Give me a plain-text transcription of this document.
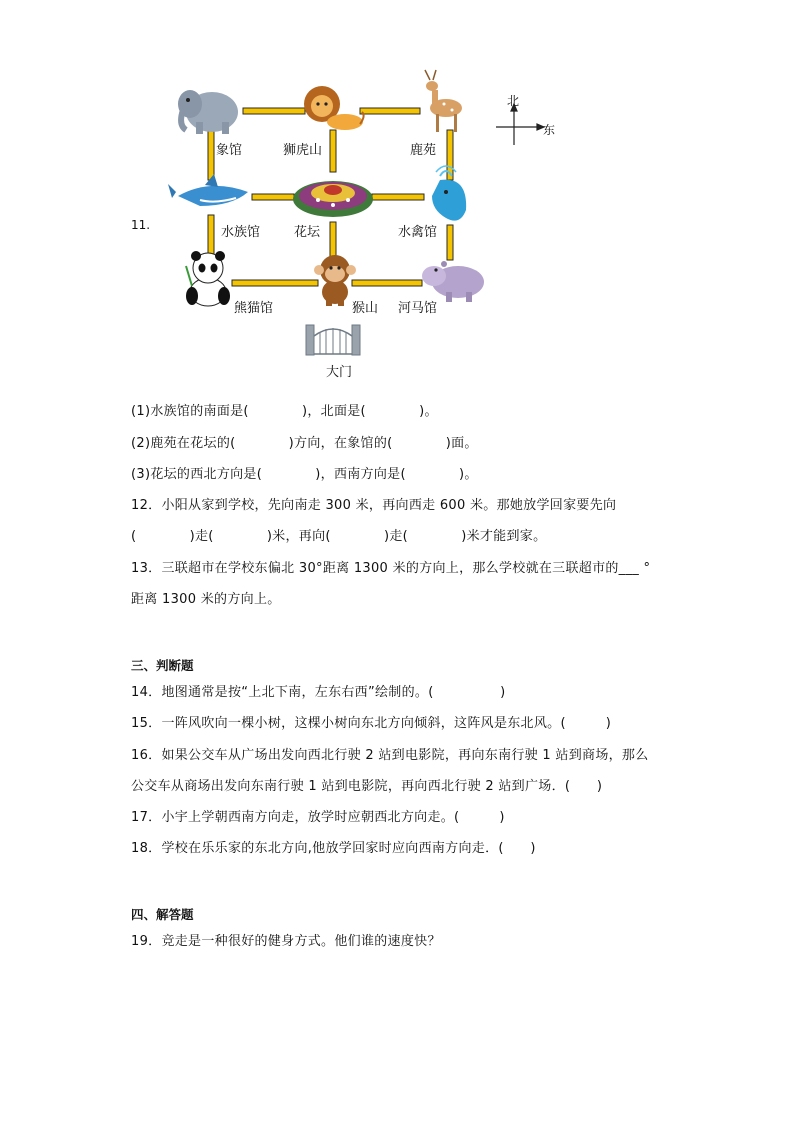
11.
象馆	狮虎山	鹿苑
北
东
水族馆	花坛	水禽馆
熊猫馆	猴山 河马馆
大门
(1)水族馆的南面是(　　　　)，北面是(　　　　)。
(2)鹿苑在花坛的(　　　　)方向，在象馆的(　　　　)面。
(3)花坛的西北方向是(　　　　)，西南方向是(　　　　)。
12．小阳从家到学校，先向南走 300 米，再向西走 600 米。那她放学回家要先向
(　　　　)走(　　　　)米，再向(　　　　)走(　　　　)米才能到家。
13．三联超市在学校东偏北 30°距离 1300 米的方向上，那么学校就在三联超市的___ °
距离 1300 米的方向上。
三、判断题
14．地图通常是按“上北下南，左东右西”绘制的。(　　　　　)
15．一阵风吹向一棵小树，这棵小树向东北方向倾斜，这阵风是东北风。(　　　)
16．如果公交车从广场出发向西北行驶 2 站到电影院，再向东南行驶 1 站到商场，那么
公交车从商场出发向东南行驶 1 站到电影院，再向西北行驶 2 站到广场．(　　)
17．小宇上学朝西南方向走，放学时应朝西北方向走。(　　　)
18．学校在乐乐家的东北方向,他放学回家时应向西南方向走．(　　)
四、解答题
19．竞走是一种很好的健身方式。他们谁的速度快？
